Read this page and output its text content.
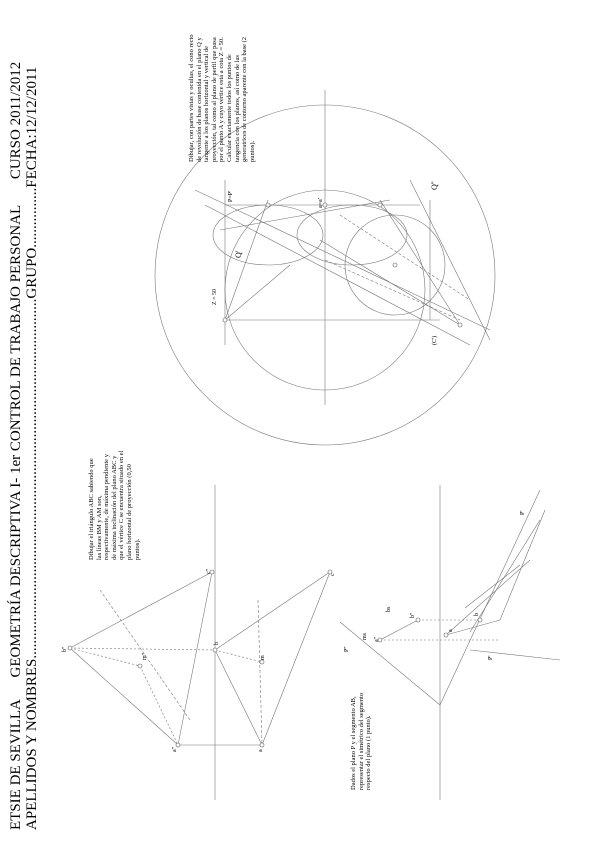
ETSIE DE SEVILLA      GEOMETRÍA DESCRIPTIVA I- 1er CONTROL DE TRABAJO PERSONAL       CURSO 2011/2012
APELLIDOS Y NOMBRES................................................................................................GRUPO................FECHA:12/12/2011
Dibujar el triángulo ABC sabiendo que las líneas BM y AM son, respectivamente, de máxima pendiente y de máxima inclinación del plano ABC y que el vértice C se encuentra situado en el plano horizontal de proyección (0,50 puntos).
Dados el plano P y el segmento AB, representar el simétrico del segmento respecto del plano (1 punto).
Dibujar, con partes vistas y ocultas, el cono recto de revolución de base contenida en el plano Q y tangente a los planos horizontal y vertical de proyección, tal como al plano de perfil que pasa por el punto A y cuyo vértice está a cota Z = 50. Calcular exactamente todos los puntos de tangencia con los planos, así como de las generatrices de contorno aparente con la base (2 puntos).
b''
m''
a''
c''
b
m
a
c
P''
P'
a''
b''
a
b
ms
bs
P'
Q'
Q''
a=a'
Z = 50
P=P'
(C')
